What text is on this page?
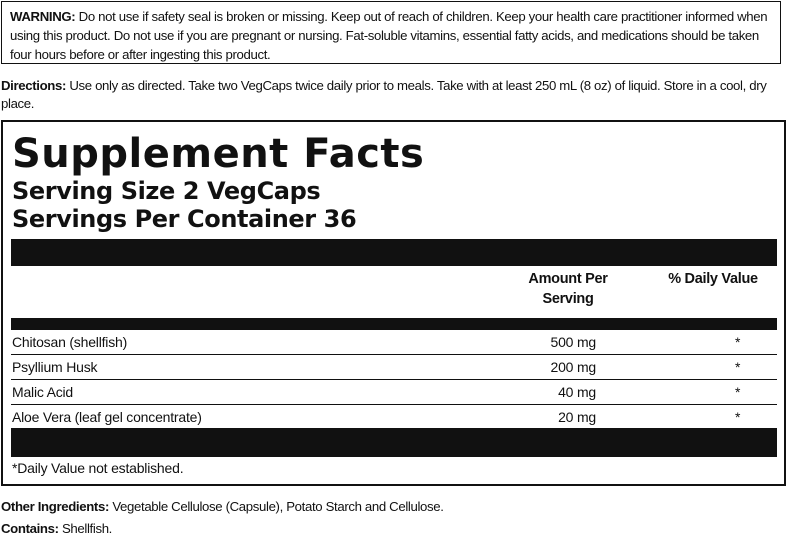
WARNING: Do not use if safety seal is broken or missing. Keep out of reach of children. Keep your health care practitioner informed when using this product. Do not use if you are pregnant or nursing. Fat-soluble vitamins, essential fatty acids, and medications should be taken four hours before or after ingesting this product.
Directions: Use only as directed. Take two VegCaps twice daily prior to meals. Take with at least 250 mL (8 oz) of liquid. Store in a cool, dry place.
Supplement Facts
Serving Size 2 VegCaps
Servings Per Container 36
Amount Per Serving
% Daily Value
Chitosan (shellfish)	500 mg	*
Psyllium Husk	200 mg	*
Malic Acid	40 mg	*
Aloe Vera (leaf gel concentrate)	20 mg	*
*Daily Value not established.
Other Ingredients: Vegetable Cellulose (Capsule), Potato Starch and Cellulose.
Contains: Shellfish.
